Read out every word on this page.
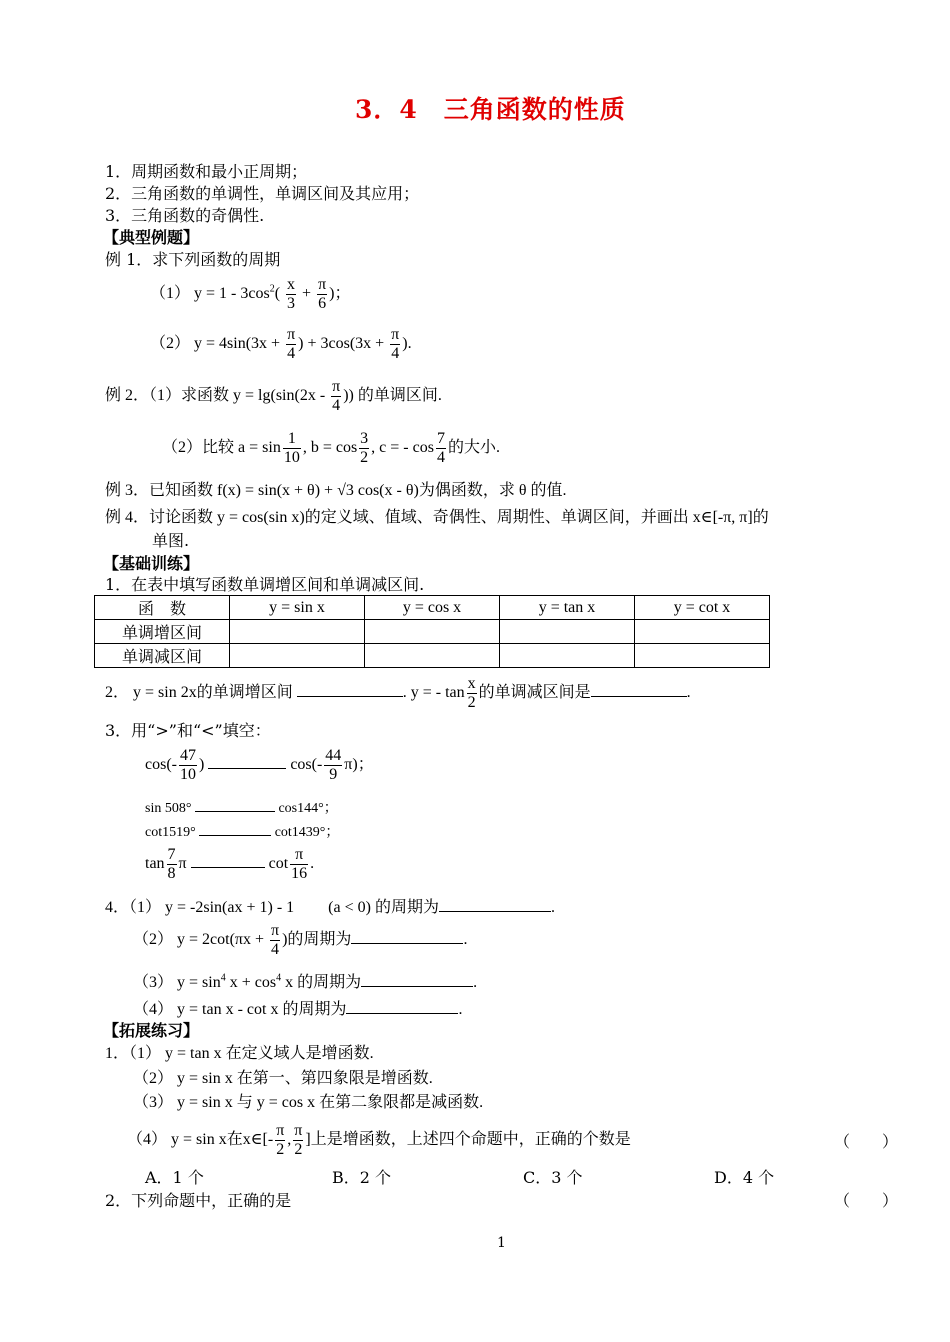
3．4　三角函数的性质
1．周期函数和最小正周期；
2．三角函数的单调性，单调区间及其应用；
3．三角函数的奇偶性.
【典型例题】
例 1．求下列函数的周期
（1） $y = 1 - 3\cos^2( \frac{x}{3} + \frac{\pi}{6}$ )；
（2） $y = 4\sin(3x + \frac{\pi}{4}$ ) + $3\cos(3x + \frac{\pi}{4}$ ).
例 2．（1）求函数 $y = \lg(\sin(2x - \frac{\pi}{4}$ )) 的单调区间.
（2）比较 $a = \sin \frac{1}{10}$ , $b = \cos \frac{3}{2}$ , c = - $\cos \frac{7}{4}$ 的大小.
例 3．已知函数 f(x) = sin(x + θ) + √3 cos(x - θ)为偶函数，求 θ 的值.
例 4．讨论函数 y = cos(sin x)的定义域、值域、奇偶性、周期性、单调区间，并画出 x∈[-π, π]的
单图.
【基础训练】
1．在表中填写函数单调增区间和单调减区间.
函　数	y = sin x	y = cos x	y = tan x	y = cot x
单调增区间				
单调减区间				
2． y = sin 2x的单调增区间	. y = - $\tan \frac{x}{2}$ 的单调减区间是	.
3．用“>”和“<”填空：
$\cos(- \frac{47}{10}$ )	$\cos(- \frac{44}{9} \pi)$；
sin 508°	cos144°；
cot1519°	cot1439°；
$\tan \frac{7}{8}$ π	$\cot \frac{\pi}{16}$ .
4．（1） y = -2sin(ax + 1) - 1 (a < 0) 的周期为	.
（2） $y = 2\cot(\pi x + \frac{\pi}{4}$ )的周期为	.
（3） $y = \sin^4 x + \cos^4 x$ 的周期为	.
（4） y = tan x - cot x 的周期为	.
【拓展练习】
1．（1） y = tan x 在定义域人是增函数.
（2） y = sin x 在第一、第四象限是增函数.
（3） y = sin x 与 y = cos x 在第二象限都是减函数.
（4） y = sin x在x∈[- $\frac{\pi}{2}$ , $\frac{\pi}{2}$ ]上是增函数，上述四个命题中，正确的个数是	（　　）
A．1 个	B．2 个	C．3 个	D．4 个
2．下列命题中，正确的是	（　　）
1
